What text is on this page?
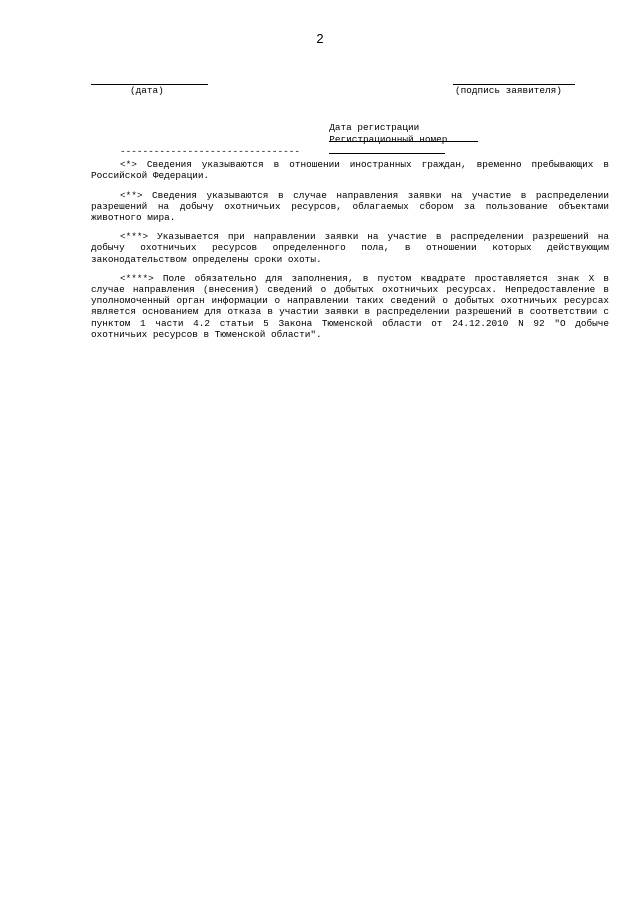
2
(дата)	(подпись заявителя)

Дата регистрации

Регистрационный номер

--------------------------------

<*> Сведения указываются в отношении иностранных граждан, временно пребывающих в Российской Федерации.

<**> Сведения указываются в случае направления заявки на участие в распределении разрешений на добычу охотничьих ресурсов, облагаемых сбором за пользование объектами животного мира.

<***> Указывается при направлении заявки на участие в распределении разрешений на добычу охотничьих ресурсов определенного пола, в отношении которых действующим законодательством определены сроки охоты.

<****> Поле обязательно для заполнения, в пустом квадрате проставляется знак X в случае направления (внесения) сведений о добытых охотничьих ресурсах. Непредоставление в уполномоченный орган информации о направлении таких сведений о добытых охотничьих ресурсах является основанием для отказа в участии заявки в распределении разрешений в соответствии с пунктом 1 части 4.2 статьи 5 Закона Тюменской области от 24.12.2010 N 92 "О добыче охотничьих ресурсов в Тюменской области".
